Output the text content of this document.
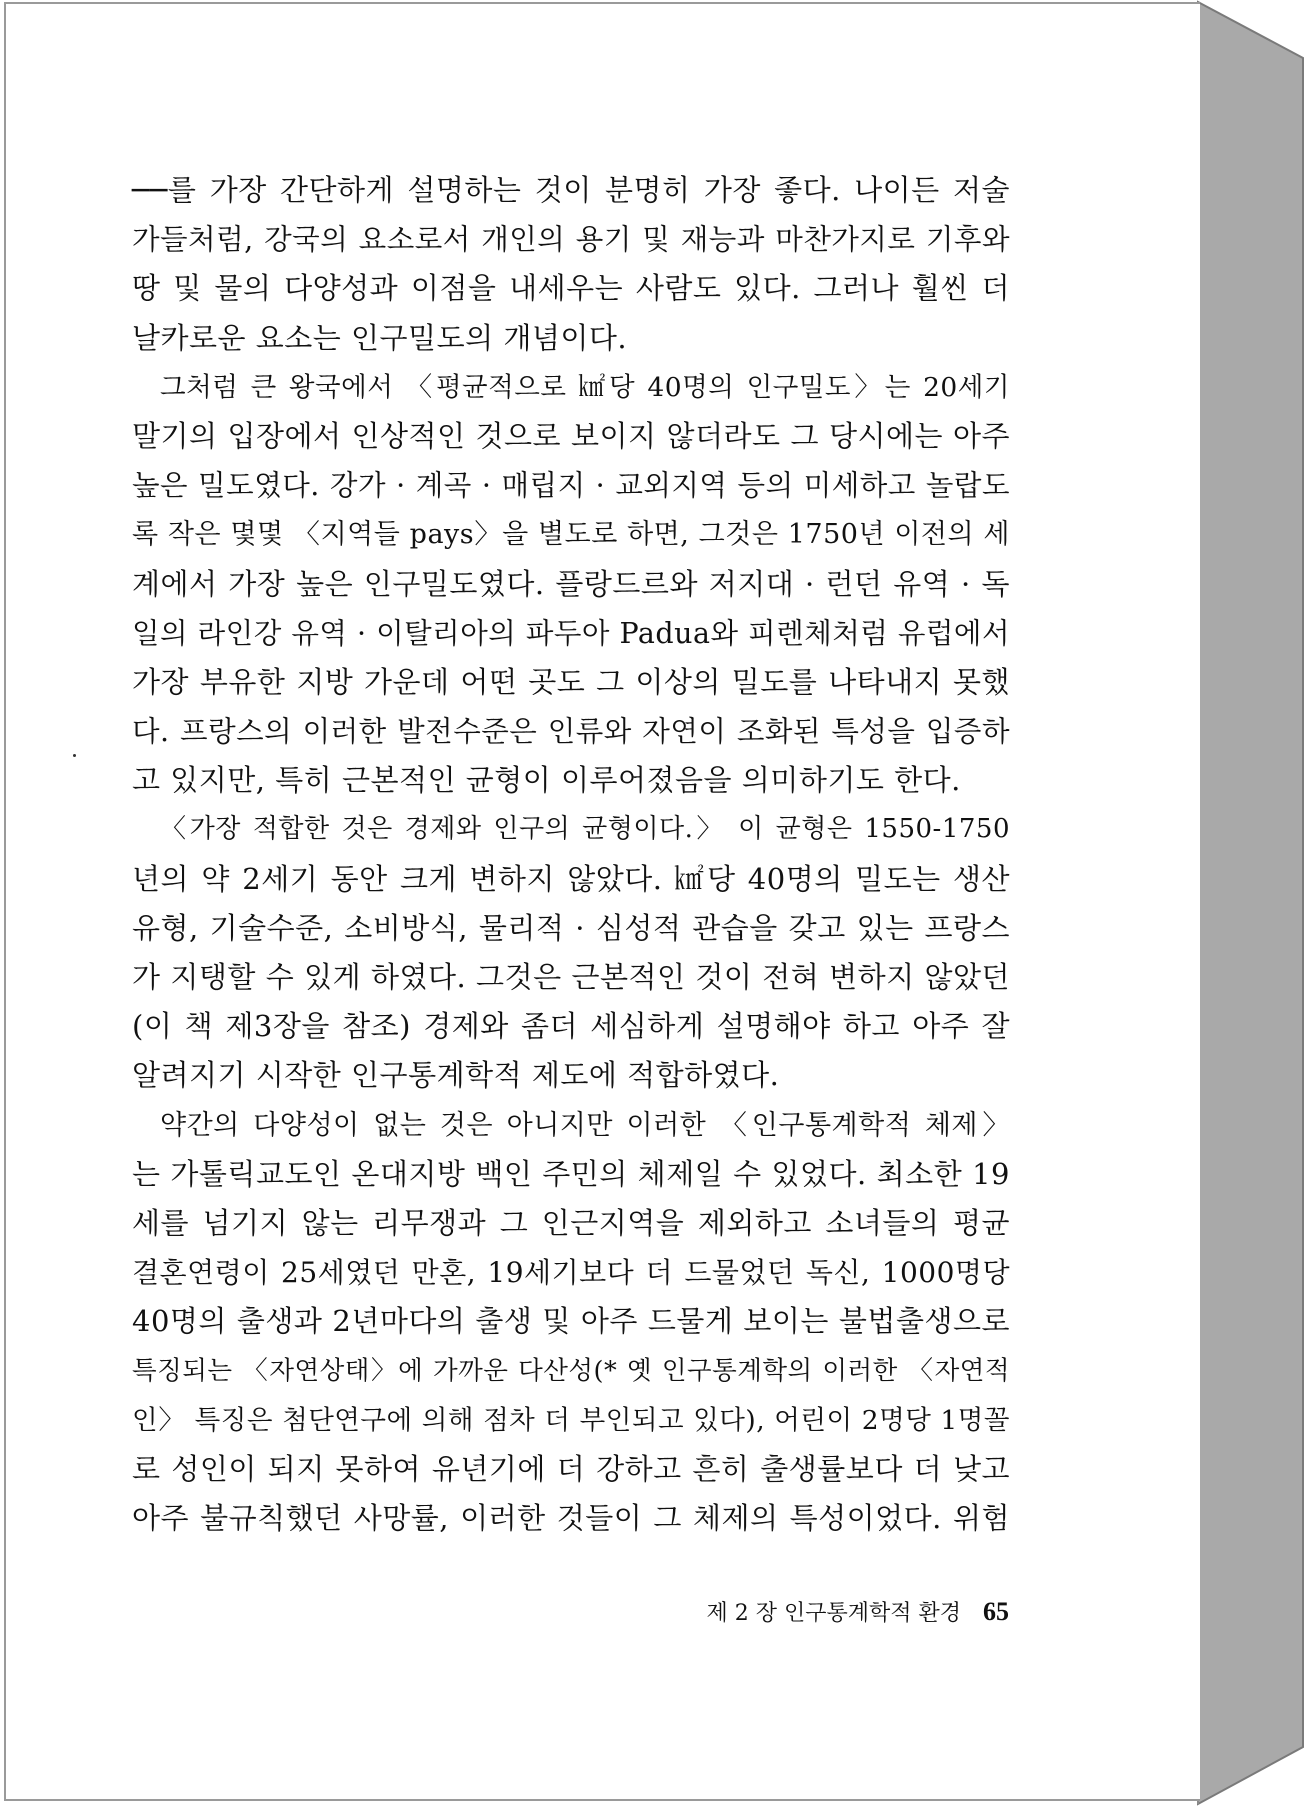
──를 가장 간단하게 설명하는 것이 분명히 가장 좋다. 나이든 저술
가들처럼, 강국의 요소로서 개인의 용기 및 재능과 마찬가지로 기후와
땅 및 물의 다양성과 이점을 내세우는 사람도 있다. 그러나 훨씬 더
날카로운 요소는 인구밀도의 개념이다.
그처럼 큰 왕국에서 〈평균적으로 ㎢당 40명의 인구밀도〉는 20세기
말기의 입장에서 인상적인 것으로 보이지 않더라도 그 당시에는 아주
높은 밀도였다. 강가 · 계곡 · 매립지 · 교외지역 등의 미세하고 놀랍도
록 작은 몇몇 〈지역들 pays〉을 별도로 하면, 그것은 1750년 이전의 세
계에서 가장 높은 인구밀도였다. 플랑드르와 저지대 · 런던 유역 · 독
일의 라인강 유역 · 이탈리아의 파두아 Padua와 피렌체처럼 유럽에서
가장 부유한 지방 가운데 어떤 곳도 그 이상의 밀도를 나타내지 못했
다. 프랑스의 이러한 발전수준은 인류와 자연이 조화된 특성을 입증하
고 있지만, 특히 근본적인 균형이 이루어졌음을 의미하기도 한다.
〈가장 적합한 것은 경제와 인구의 균형이다.〉 이 균형은 1550-1750
년의 약 2세기 동안 크게 변하지 않았다. ㎢당 40명의 밀도는 생산
유형, 기술수준, 소비방식, 물리적 · 심성적 관습을 갖고 있는 프랑스
가 지탱할 수 있게 하였다. 그것은 근본적인 것이 전혀 변하지 않았던
(이 책 제3장을 참조) 경제와 좀더 세심하게 설명해야 하고 아주 잘
알려지기 시작한 인구통계학적 제도에 적합하였다.
약간의 다양성이 없는 것은 아니지만 이러한 〈인구통계학적 체제〉
는 가톨릭교도인 온대지방 백인 주민의 체제일 수 있었다. 최소한 19
세를 넘기지 않는 리무쟁과 그 인근지역을 제외하고 소녀들의 평균
결혼연령이 25세였던 만혼, 19세기보다 더 드물었던 독신, 1000명당
40명의 출생과 2년마다의 출생 및 아주 드물게 보이는 불법출생으로
특징되는 〈자연상태〉에 가까운 다산성(* 옛 인구통계학의 이러한 〈자연적
인〉 특징은 첨단연구에 의해 점차 더 부인되고 있다), 어린이 2명당 1명꼴
로 성인이 되지 못하여 유년기에 더 강하고 흔히 출생률보다 더 낮고
아주 불규칙했던 사망률, 이러한 것들이 그 체제의 특성이었다. 위험
제 2 장 인구통계학적 환경 65
